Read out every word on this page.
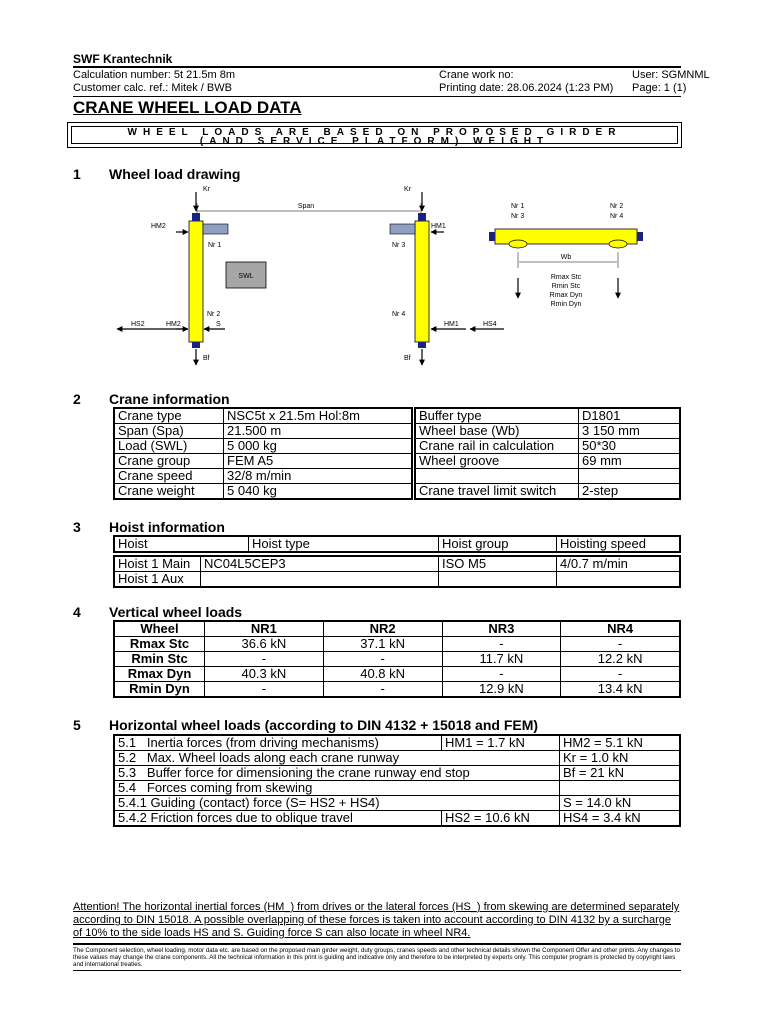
SWF Krantechnik
Calculation number: 5t 21.5m 8m	Crane work no:	User: SGMNML
Customer calc. ref.: Mitek / BWB	Printing date: 28.06.2024 (1:23 PM) Page: 1 (1)
CRANE WHEEL LOAD DATA
WHEEL LOADS ARE BASED ON PROPOSED GIRDER
(AND SERVICE PLATFORM) WEIGHT
1 Wheel load drawing
SWL
Kr	Kr
Span
HM2	HM1
Nr 1	Nr 3
Nr 2	Nr 4
HS2	HM2	S	HM1	HS4
Bf	Bf
Nr 1
Nr 3
Nr 2
Nr 4
Wb
Rmax Stc
Rmin Stc
Rmax Dyn
Rmin Dyn
2 Crane information
Crane type	NSC5t x 21.5m Hol:8m
Span (Spa)	21.500 m
Load (SWL)	5 000 kg
Crane group	FEM A5
Crane speed	32/8 m/min
Crane weight	5 040 kg
Buffer type	D1801
Wheel base (Wb)	3 150 mm
Crane rail in calculation	50*30
Wheel groove	69 mm

Crane travel limit switch	2-step
3 Hoist information
Hoist	Hoist type	Hoist group	Hoisting speed
Hoist 1 Main	NC04L5CEP3	ISO M5	4/0.7 m/min
Hoist 1 Aux			
4 Vertical wheel loads
Wheel	NR1	NR2	NR3	NR4
Rmax Stc	36.6 kN	37.1 kN	-	-
Rmin Stc	-	-	11.7 kN	12.2 kN
Rmax Dyn	40.3 kN	40.8 kN	-	-
Rmin Dyn	-	-	12.9 kN	13.4 kN
5 Horizontal wheel loads (according to DIN 4132 + 15018 and FEM)
5.1 Inertia forces (from driving mechanisms)	HM1 = 1.7 kN	HM2 = 5.1 kN
5.2 Max. Wheel loads along each crane runway		Kr = 1.0 kN
5.3 Buffer force for dimensioning the crane runway end stop		Bf = 21 kN
5.4 Forces coming from skewing		
5.4.1 Guiding (contact) force (S= HS2 + HS4)		S = 14.0 kN
5.4.2 Friction forces due to oblique travel	HS2 = 10.6 kN	HS4 = 3.4 kN
Attention! The horizontal inertial forces (HM_) from drives or the lateral forces (HS_) from skewing are determined separately according to DIN 15018. A possible overlapping of these forces is taken into account according to DIN 4132 by a surcharge of 10% to the side loads HS and S. Guiding force S can also locate in wheel NR4.
The Component selection, wheel loading, motor data etc. are based on the proposed main girder weight, duty groups, cranes speeds and other technical details shown the Component Offer and other prints. Any changes to these values may change the crane components. All the technical information in this print is guiding and indicative only and therefore to be interpreted by experts only. This computer program is protected by copyright laws and international treaties.
